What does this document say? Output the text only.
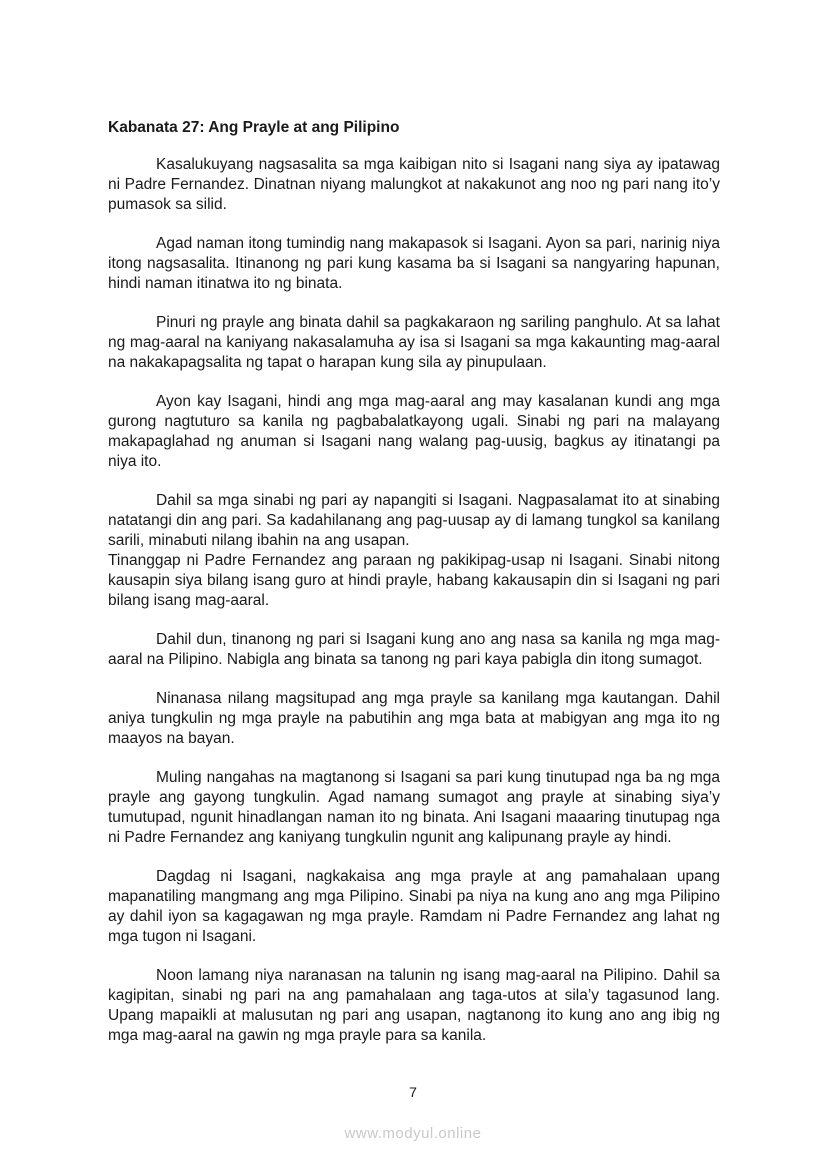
Kabanata 27: Ang Prayle at ang Pilipino

Kasalukuyang nagsasalita sa mga kaibigan nito si Isagani nang siya ay ipatawag ni Padre Fernandez. Dinatnan niyang malungkot at nakakunot ang noo ng pari nang ito’y pumasok sa silid.

Agad naman itong tumindig nang makapasok si Isagani. Ayon sa pari, narinig niya itong nagsasalita. Itinanong ng pari kung kasama ba si Isagani sa nangyaring hapunan, hindi naman itinatwa ito ng binata.

Pinuri ng prayle ang binata dahil sa pagkakaraon ng sariling panghulo. At sa lahat ng mag-aaral na kaniyang nakasalamuha ay isa si Isagani sa mga kakaunting mag-aaral na nakakapagsalita ng tapat o harapan kung sila ay pinupulaan.

Ayon kay Isagani, hindi ang mga mag-aaral ang may kasalanan kundi ang mga gurong nagtuturo sa kanila ng pagbabalatkayong ugali. Sinabi ng pari na malayang makapaglahad ng anuman si Isagani nang walang pag-uusig, bagkus ay itinatangi pa niya ito.

Dahil sa mga sinabi ng pari ay napangiti si Isagani. Nagpasalamat ito at sinabing natatangi din ang pari. Sa kadahilanang ang pag-uusap ay di lamang tungkol sa kanilang sarili, minabuti nilang ibahin na ang usapan.

Tinanggap ni Padre Fernandez ang paraan ng pakikipag-usap ni Isagani. Sinabi nitong kausapin siya bilang isang guro at hindi prayle, habang kakausapin din si Isagani ng pari bilang isang mag-aaral.

Dahil dun, tinanong ng pari si Isagani kung ano ang nasa sa kanila ng mga mag-aaral na Pilipino. Nabigla ang binata sa tanong ng pari kaya pabigla din itong sumagot.

Ninanasa nilang magsitupad ang mga prayle sa kanilang mga kautangan. Dahil aniya tungkulin ng mga prayle na pabutihin ang mga bata at mabigyan ang mga ito ng maayos na bayan.

Muling nangahas na magtanong si Isagani sa pari kung tinutupad nga ba ng mga prayle ang gayong tungkulin. Agad namang sumagot ang prayle at sinabing siya’y tumutupad, ngunit hinadlangan naman ito ng binata. Ani Isagani maaaring tinutupag nga ni Padre Fernandez ang kaniyang tungkulin ngunit ang kalipunang prayle ay hindi.

Dagdag ni Isagani, nagkakaisa ang mga prayle at ang pamahalaan upang mapanatiling mangmang ang mga Pilipino. Sinabi pa niya na kung ano ang mga Pilipino ay dahil iyon sa kagagawan ng mga prayle. Ramdam ni Padre Fernandez ang lahat ng mga tugon ni Isagani.

Noon lamang niya naranasan na talunin ng isang mag-aaral na Pilipino. Dahil sa kagipitan, sinabi ng pari na ang pamahalaan ang taga-utos at sila’y tagasunod lang. Upang mapaikli at malusutan ng pari ang usapan, nagtanong ito kung ano ang ibig ng mga mag-aaral na gawin ng mga prayle para sa kanila.

7
www.modyul.online
